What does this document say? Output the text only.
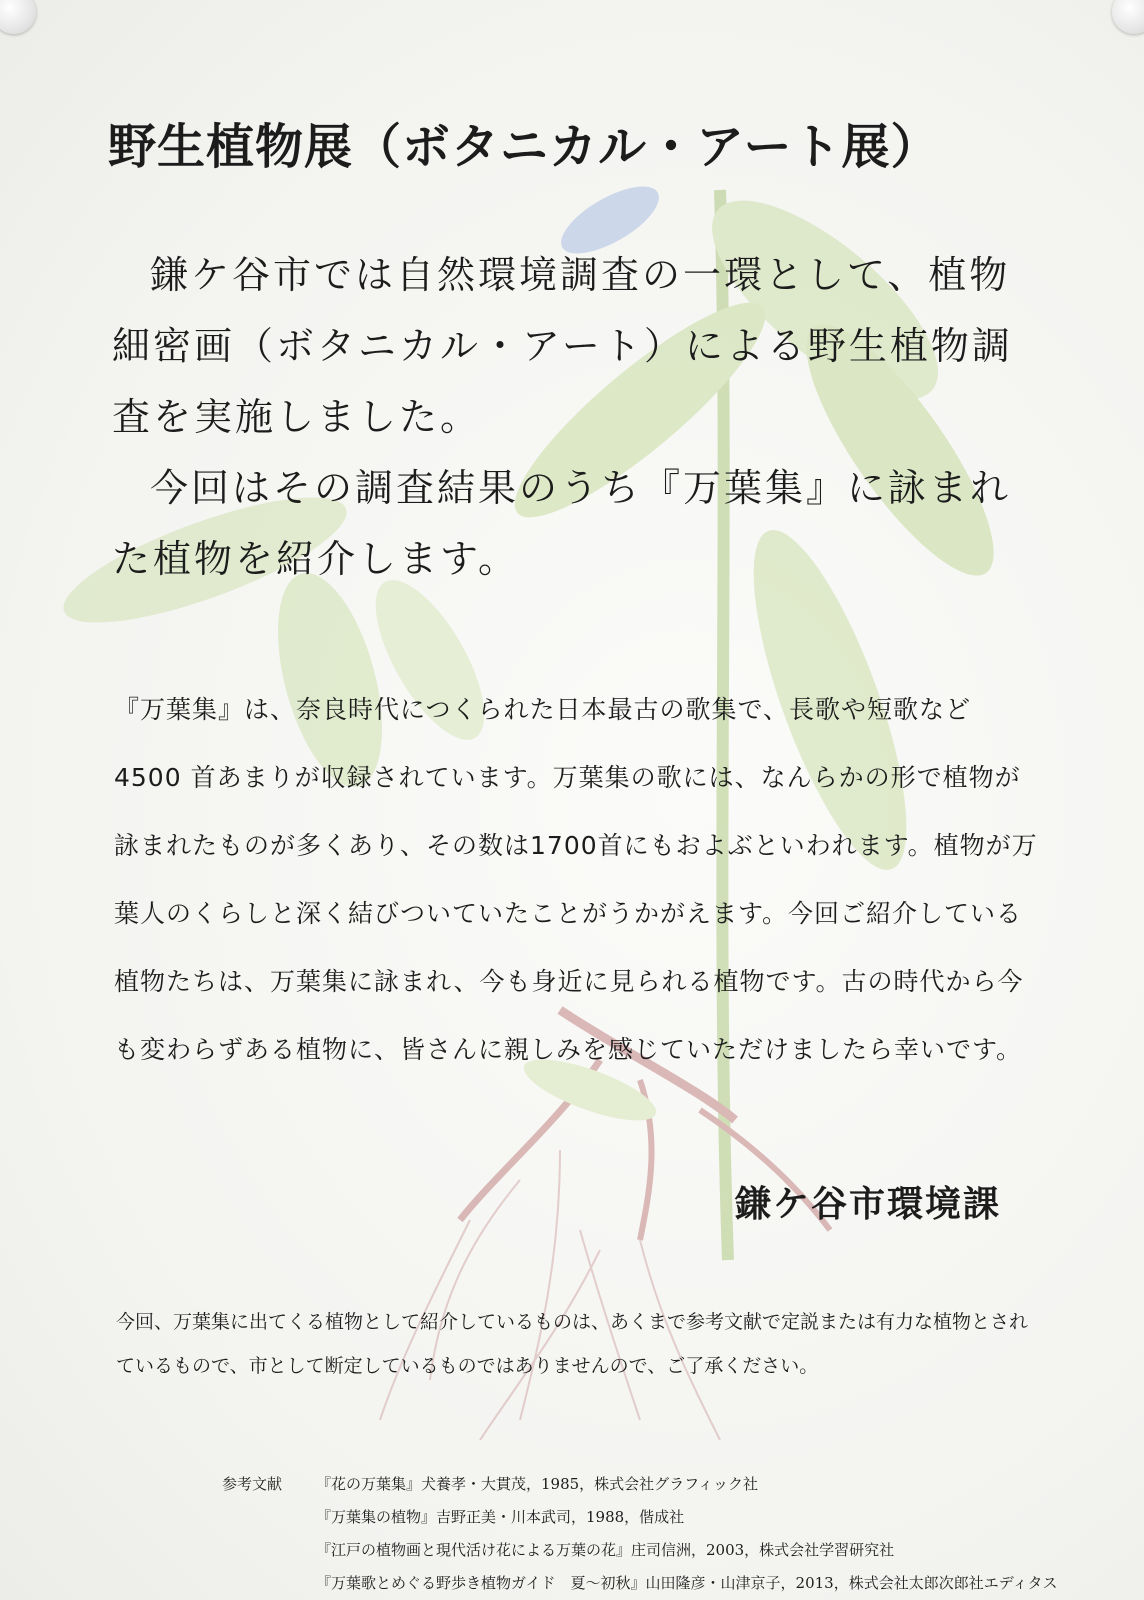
野生植物展（ボタニカル・アート展）

鎌ケ谷市では自然環境調査の一環として、植物細密画（ボタニカル・アート）による野生植物調査を実施しました。

今回はその調査結果のうち『万葉集』に詠まれた植物を紹介します。

『万葉集』は、奈良時代につくられた日本最古の歌集で、長歌や短歌など 4500 首あまりが収録されています。万葉集の歌には、なんらかの形で植物が詠まれたものが多くあり、その数は1700首にもおよぶといわれます。植物が万葉人のくらしと深く結びついていたことがうかがえます。今回ご紹介している植物たちは、万葉集に詠まれ、今も身近に見られる植物です。古の時代から今も変わらずある植物に、皆さんに親しみを感じていただけましたら幸いです。

鎌ケ谷市環境課

今回、万葉集に出てくる植物として紹介しているものは、あくまで参考文献で定説または有力な植物とされているもので、市として断定しているものではありませんので、ご了承ください。

参考文献 『花の万葉集』犬養孝・大貫茂，1985，株式会社グラフィック社
『万葉集の植物』吉野正美・川本武司，1988，偕成社
『江戸の植物画と現代活け花による万葉の花』庄司信洲，2003，株式会社学習研究社
『万葉歌とめぐる野歩き植物ガイド　夏〜初秋』山田隆彦・山津京子，2013，株式会社太郎次郎社エディタス
